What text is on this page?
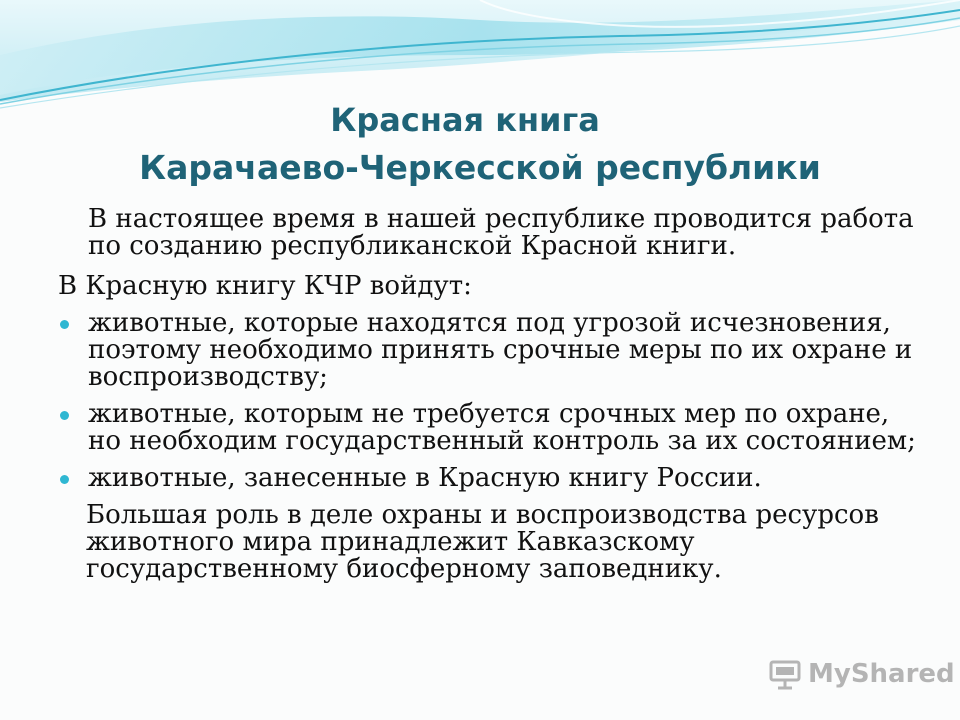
Красная книга
Карачаево-Черкесской республики

В настоящее время в нашей республике проводится работа по созданию республиканской Красной книги.

В Красную книгу КЧР войдут:

животные, которые находятся под угрозой исчезновения, поэтому необходимо принять срочные меры по их охране и воспроизводству;
животные, которым не требуется срочных мер по охране, но необходим государственный контроль за их состоянием;
животные, занесенные в Красную книгу России.

Большая роль в деле охраны и воспроизводства ресурсов животного мира принадлежит Кавказскому государственному биосферному заповеднику.

MyShared
